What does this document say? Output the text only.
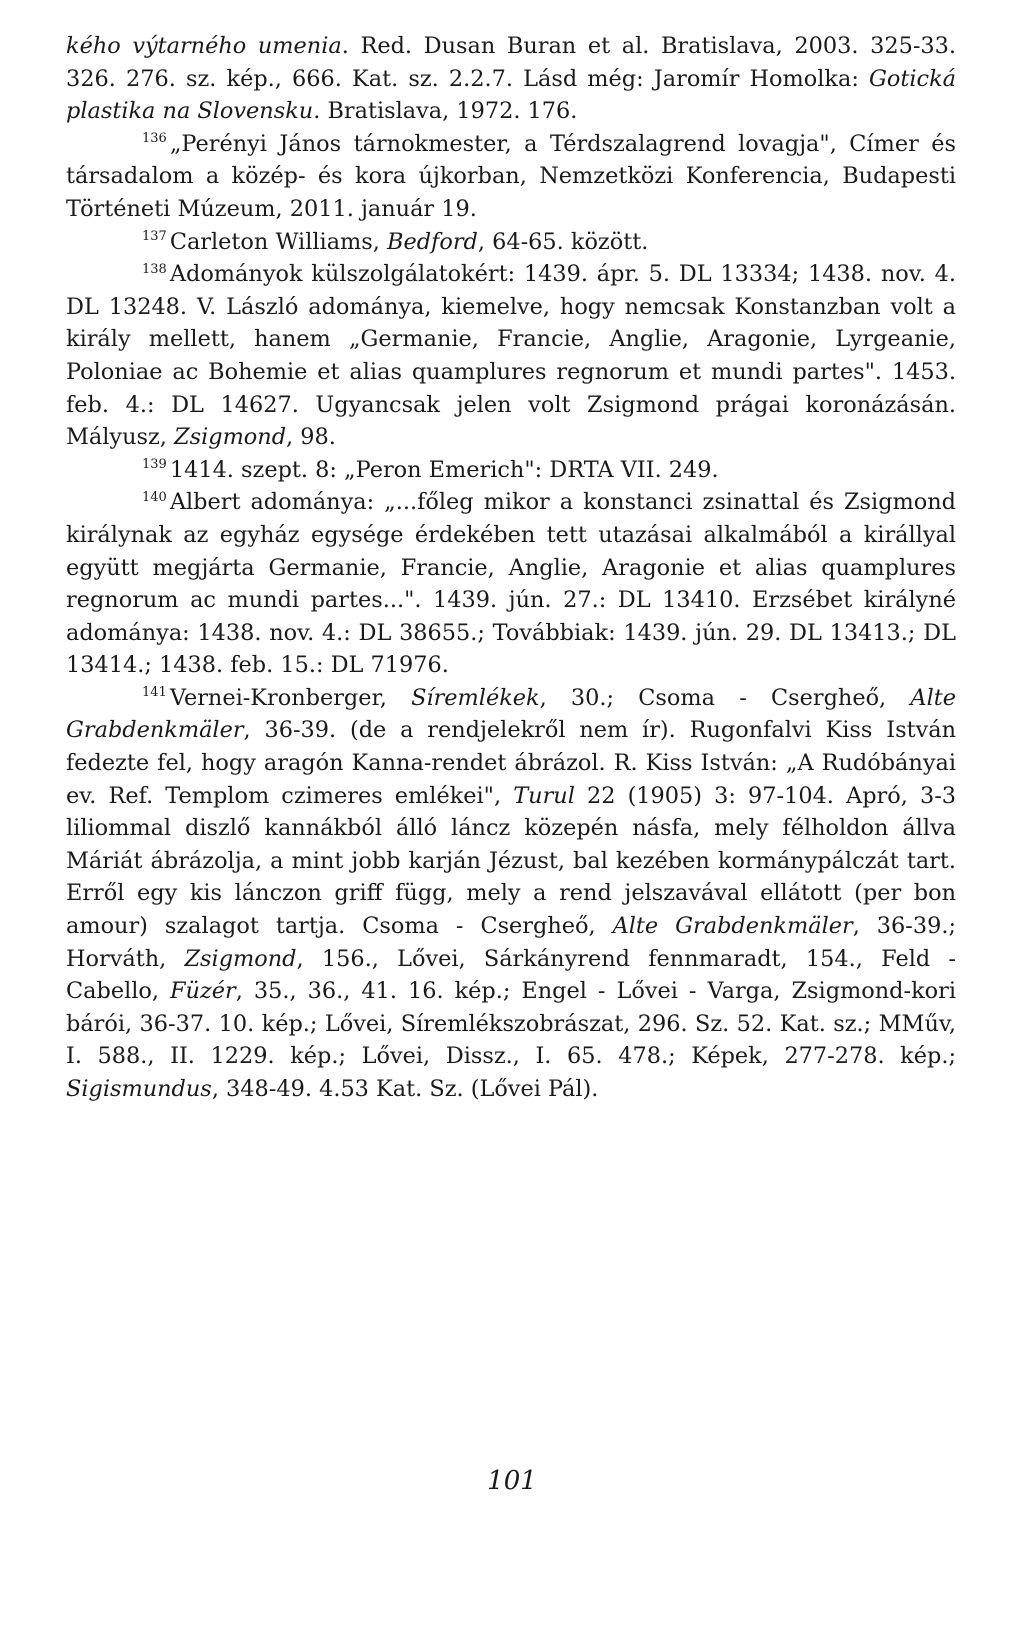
kého výtarného umenia. Red. Dusan Buran et al. Bratislava, 2003. 325-33. 326. 276. sz. kép., 666. Kat. sz. 2.2.7. Lásd még: Jaromír Homolka: Gotická plastika na Slovensku. Bratislava, 1972. 176.

$^{136}$ „Perényi János tárnokmester, a Térdszalagrend lovagja", Címer és társadalom a közép- és kora újkorban, Nemzetközi Konferencia, Budapesti Történeti Múzeum, 2011. január 19.

$^{137}$ Carleton Williams, Bedford, 64-65. között.

$^{138}$ Adományok külszolgálatokért: 1439. ápr. 5. DL 13334; 1438. nov. 4. DL 13248. V. László adománya, kiemelve, hogy nemcsak Konstanzban volt a király mellett, hanem „Germanie, Francie, Anglie, Aragonie, Lyrgeanie, Poloniae ac Bohemie et alias quamplures regnorum et mundi partes". 1453. feb. 4.: DL 14627. Ugyancsak jelen volt Zsigmond prágai koronázásán. Mályusz, Zsigmond, 98.

$^{139}$ 1414. szept. 8: „Peron Emerich": DRTA VII. 249.

$^{140}$ Albert adománya: „...főleg mikor a konstanci zsinattal és Zsigmond királynak az egyház egysége érdekében tett utazásai alkalmából a királlyal együtt megjárta Germanie, Francie, Anglie, Aragonie et alias quamplures regnorum ac mundi partes...". 1439. jún. 27.: DL 13410. Erzsébet királyné adománya: 1438. nov. 4.: DL 38655.; Továbbiak: 1439. jún. 29. DL 13413.; DL 13414.; 1438. feb. 15.: DL 71976.

$^{141}$ Vernei-Kronberger, Síremlékek, 30.; Csoma - Csergheő, Alte Grabdenkmäler, 36-39. (de a rendjelekről nem ír). Rugonfalvi Kiss István fedezte fel, hogy aragón Kanna-rendet ábrázol. R. Kiss István: „A Rudóbányai ev. Ref. Templom czimeres emlékei", Turul 22 (1905) 3: 97-104. Apró, 3-3 liliommal diszlő kannákból álló láncz közepén násfa, mely félholdon állva Máriát ábrázolja, a mint jobb karján Jézust, bal kezében kormánypálczát tart. Erről egy kis lánczon griff függ, mely a rend jelszavával ellátott (per bon amour) szalagot tartja. Csoma - Csergheő, Alte Grabdenkmäler, 36-39.; Horváth, Zsigmond, 156., Lővei, Sárkányrend fennmaradt, 154., Feld - Cabello, Füzér, 35., 36., 41. 16. kép.; Engel - Lővei - Varga, Zsigmond-kori bárói, 36-37. 10. kép.; Lővei, Síremlékszobrászat, 296. Sz. 52. Kat. sz.; MMűv, I. 588., II. 1229. kép.; Lővei, Dissz., I. 65. 478.; Képek, 277-278. kép.; Sigismundus, 348-49. 4.53 Kat. Sz. (Lővei Pál).

101
